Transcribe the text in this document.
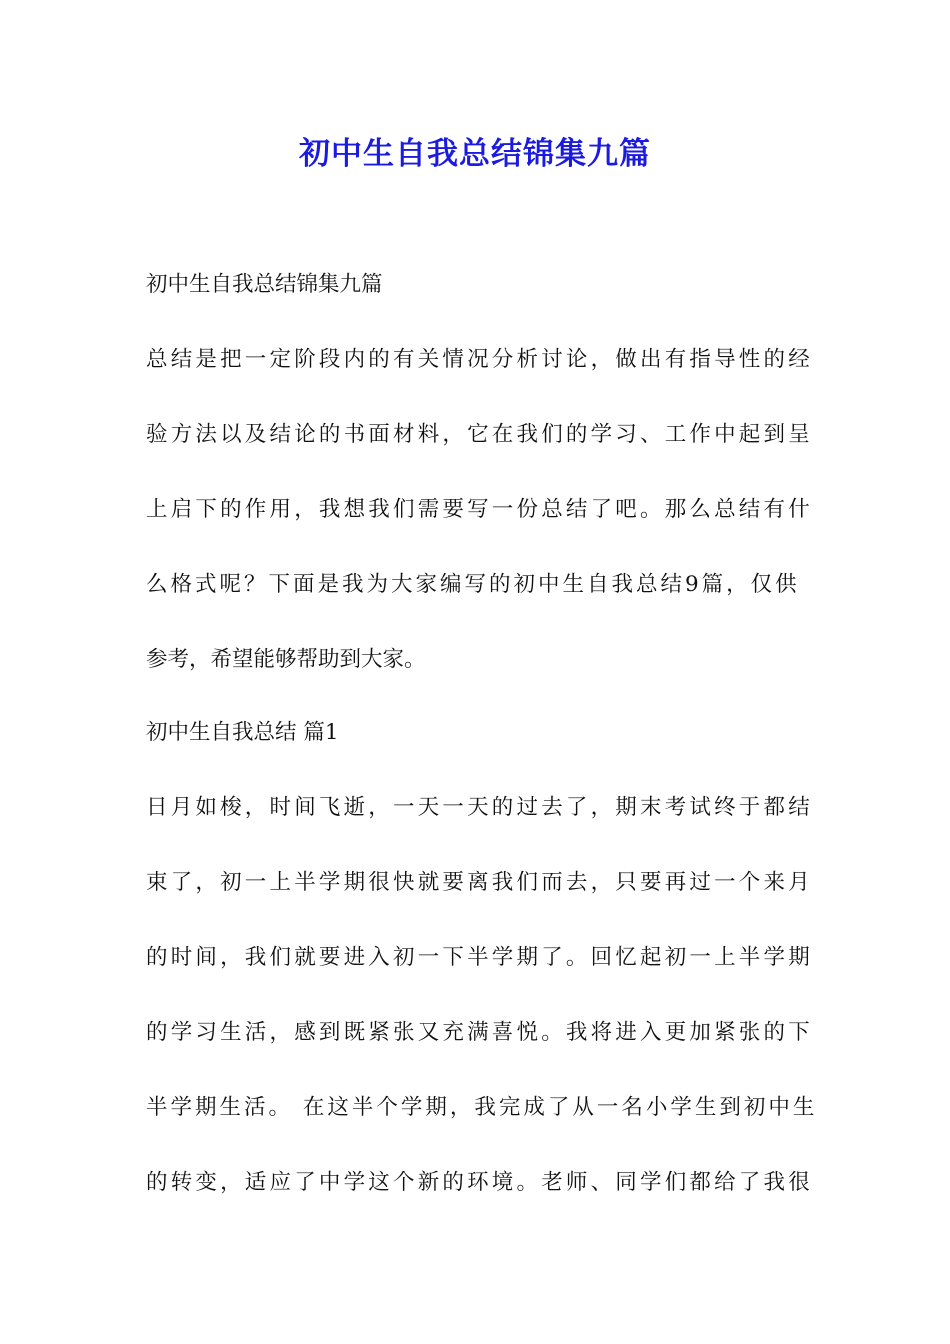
初中生自我总结锦集九篇

初中生自我总结锦集九篇

总结是把一定阶段内的有关情况分析讨论，做出有指导性的经

验方法以及结论的书面材料，它在我们的学习、工作中起到呈

上启下的作用，我想我们需要写一份总结了吧。那么总结有什

么格式呢？下面是我为大家编写的初中生自我总结9篇，仅供

参考，希望能够帮助到大家。

初中生自我总结 篇1

日月如梭，时间飞逝，一天一天的过去了，期末考试终于都结

束了，初一上半学期很快就要离我们而去，只要再过一个来月

的时间，我们就要进入初一下半学期了。回忆起初一上半学期

的学习生活，感到既紧张又充满喜悦。我将进入更加紧张的下

半学期生活。 在这半个学期，我完成了从一名小学生到初中生

的转变，适应了中学这个新的环境。老师、同学们都给了我很
